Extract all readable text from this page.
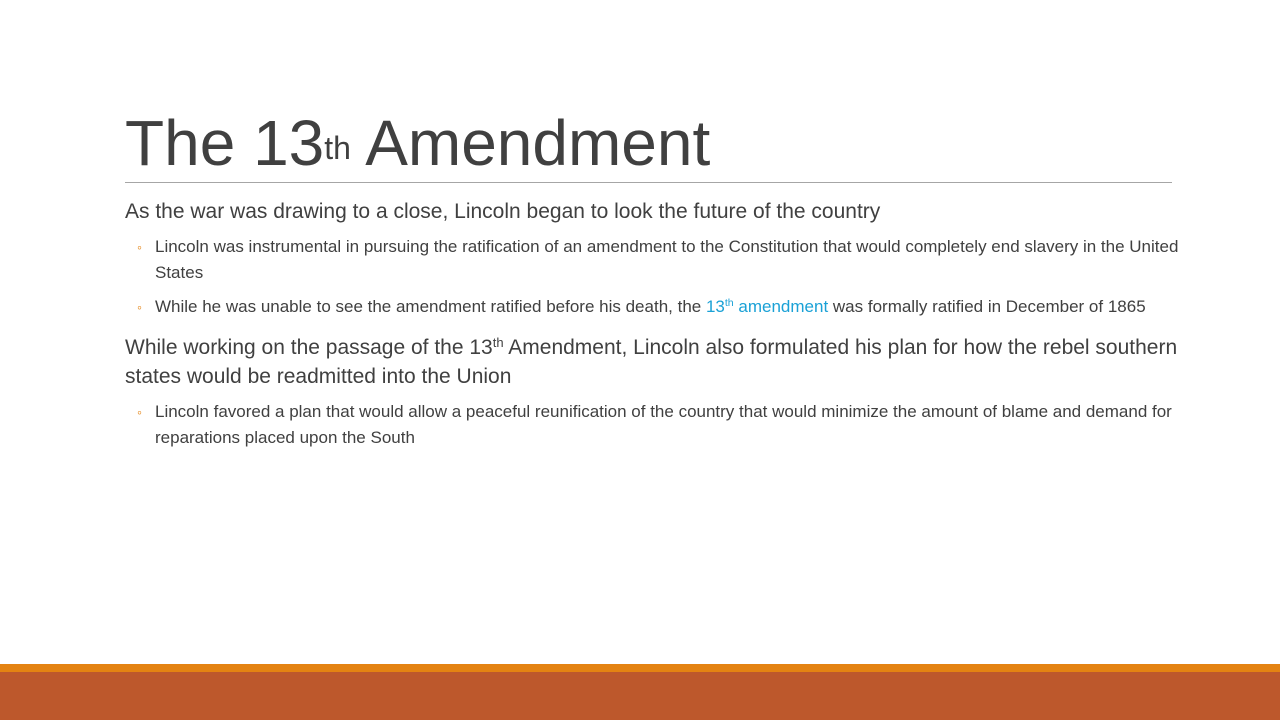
The 13th Amendment

As the war was drawing to a close, Lincoln began to look the future of the country

◦ Lincoln was instrumental in pursuing the ratification of an amendment to the Constitution that would completely end slavery in the United States
◦ While he was unable to see the amendment ratified before his death, the 13th amendment was formally ratified in December of 1865

While working on the passage of the 13th Amendment, Lincoln also formulated his plan for how the rebel southern states would be readmitted into the Union

◦ Lincoln favored a plan that would allow a peaceful reunification of the country that would minimize the amount of blame and demand for reparations placed upon the South
